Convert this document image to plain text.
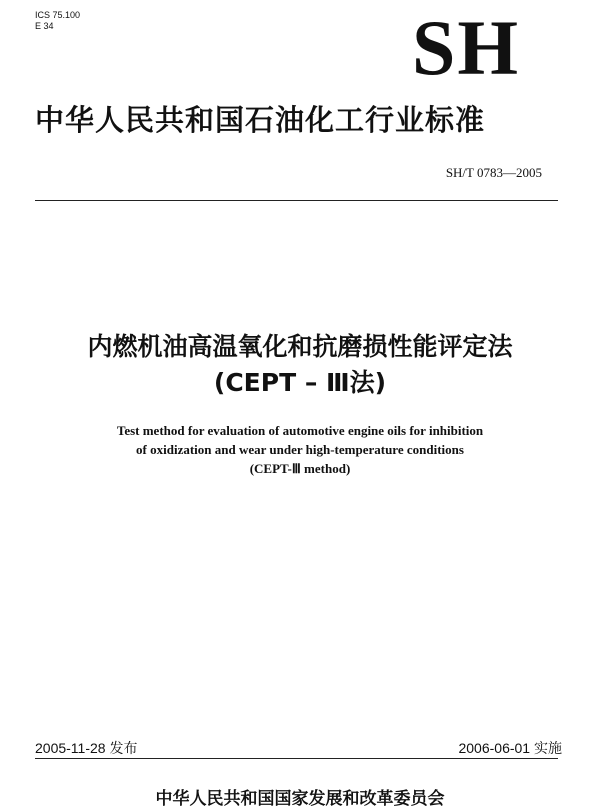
ICS 75.100
E 34	SH
中华人民共和国石油化工行业标准
SH/T 0783—2005
内燃机油高温氧化和抗磨损性能评定法
(CEPT – Ⅲ法)
Test method for evaluation of automotive engine oils for inhibition
of oxidization and wear under high-temperature conditions
(CEPT-Ⅲ method)
2005-11-28 发布	2006-06-01 实施
中华人民共和国国家发展和改革委员会
